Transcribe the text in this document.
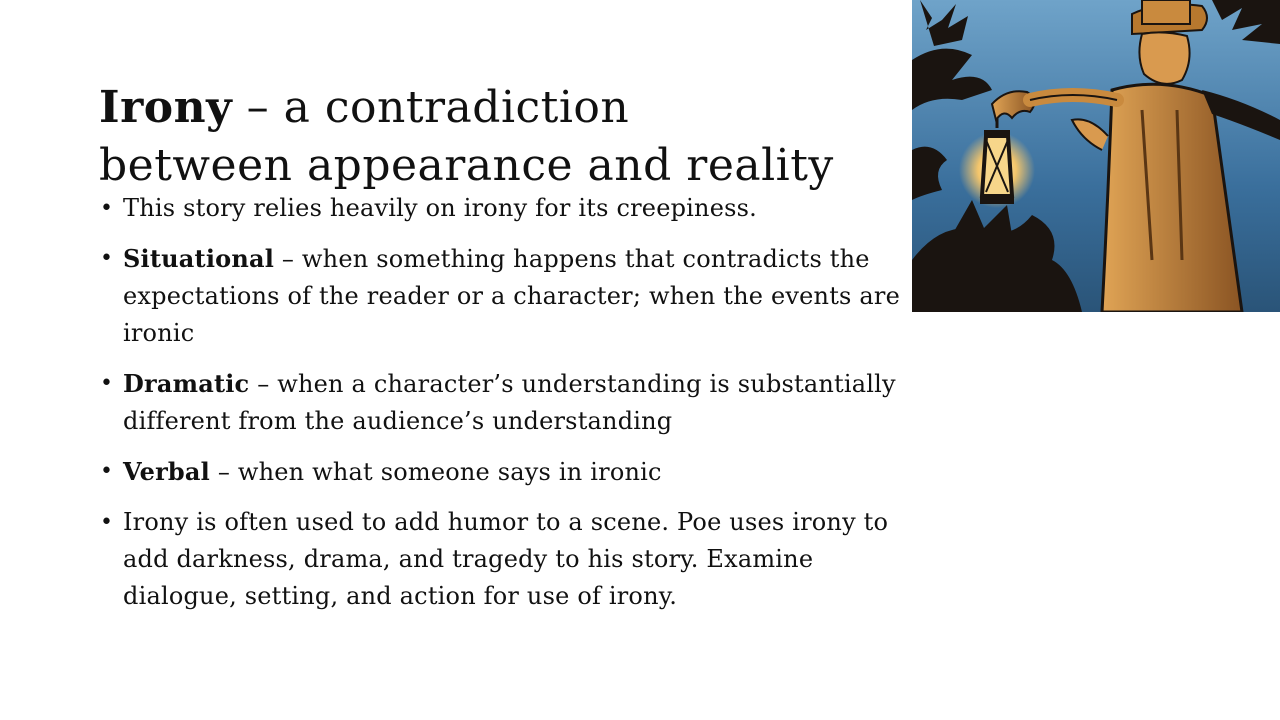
Irony – a contradiction
between appearance and reality
• This story relies heavily on irony for its creepiness.
• Situational – when something happens that contradicts the expectations of the reader or a character; when the events are ironic
• Dramatic – when a character’s understanding is substantially different from the audience’s understanding
• Verbal – when what someone says in ironic
• Irony is often used to add humor to a scene. Poe uses irony to add darkness, drama, and tragedy to his story. Examine dialogue, setting, and action for use of irony.
